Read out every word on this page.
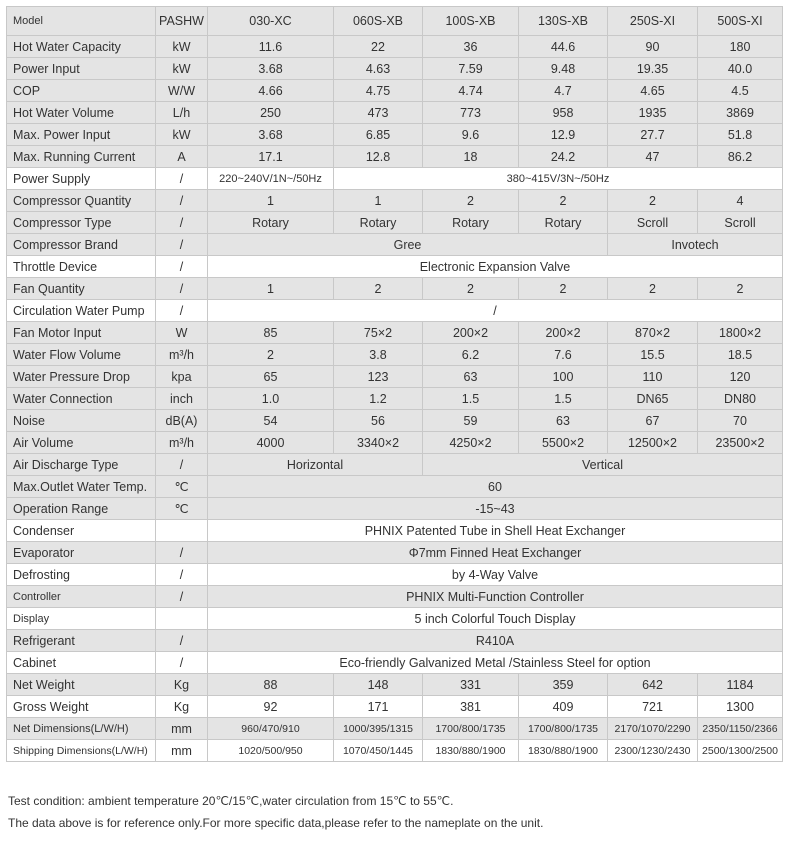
Model	PASHW	030-XC	060S-XB	100S-XB	130S-XB	250S-XI	500S-XI
Hot Water Capacity	kW	11.6	22	36	44.6	90	180
Power Input	kW	3.68	4.63	7.59	9.48	19.35	40.0
COP	W/W	4.66	4.75	4.74	4.7	4.65	4.5
Hot Water Volume	L/h	250	473	773	958	1935	3869
Max. Power Input	kW	3.68	6.85	9.6	12.9	27.7	51.8
Max. Running Current	A	17.1	12.8	18	24.2	47	86.2
Power Supply	/	220~240V/1N~/50Hz	380~415V/3N~/50Hz				
Compressor Quantity	/	1	1	2	2	2	4
Compressor Type	/	Rotary	Rotary	Rotary	Rotary	Scroll	Scroll
Compressor Brand	/	Gree				Invotech	
Throttle Device	/	Electronic Expansion Valve					
Fan Quantity	/	1	2	2	2	2	2
Circulation Water Pump	/	/					
Fan Motor Input	W	85	75×2	200×2	200×2	870×2	1800×2
Water Flow Volume	m³/h	2	3.8	6.2	7.6	15.5	18.5
Water Pressure Drop	kpa	65	123	63	100	110	120
Water Connection	inch	1.0	1.2	1.5	1.5	DN65	DN80
Noise	dB(A)	54	56	59	63	67	70
Air Volume	m³/h	4000	3340×2	4250×2	5500×2	12500×2	23500×2
Air Discharge Type	/	Horizontal		Vertical			
Max.Outlet Water Temp.	℃	60					
Operation Range	℃	-15~43					
Condenser		PHNIX Patented Tube in Shell Heat Exchanger					
Evaporator	/	Φ7mm Finned Heat Exchanger					
Defrosting	/	by 4-Way Valve					
Controller	/	PHNIX Multi-Function Controller					
Display		5 inch Colorful Touch Display					
Refrigerant	/	R410A					
Cabinet	/	Eco-friendly Galvanized Metal /Stainless Steel for option					
Net Weight	Kg	88	148	331	359	642	1184
Gross Weight	Kg	92	171	381	409	721	1300
Net Dimensions(L/W/H)	mm	960/470/910	1000/395/1315	1700/800/1735	1700/800/1735	2170/1070/2290	2350/1150/2366
Shipping Dimensions(L/W/H)	mm	1020/500/950	1070/450/1445	1830/880/1900	1830/880/1900	2300/1230/2430	2500/1300/2500
Test condition: ambient temperature 20℃/15℃,water circulation from 15℃ to 55℃.
The data above is for reference only.For more specific data,please refer to the nameplate on the unit.
